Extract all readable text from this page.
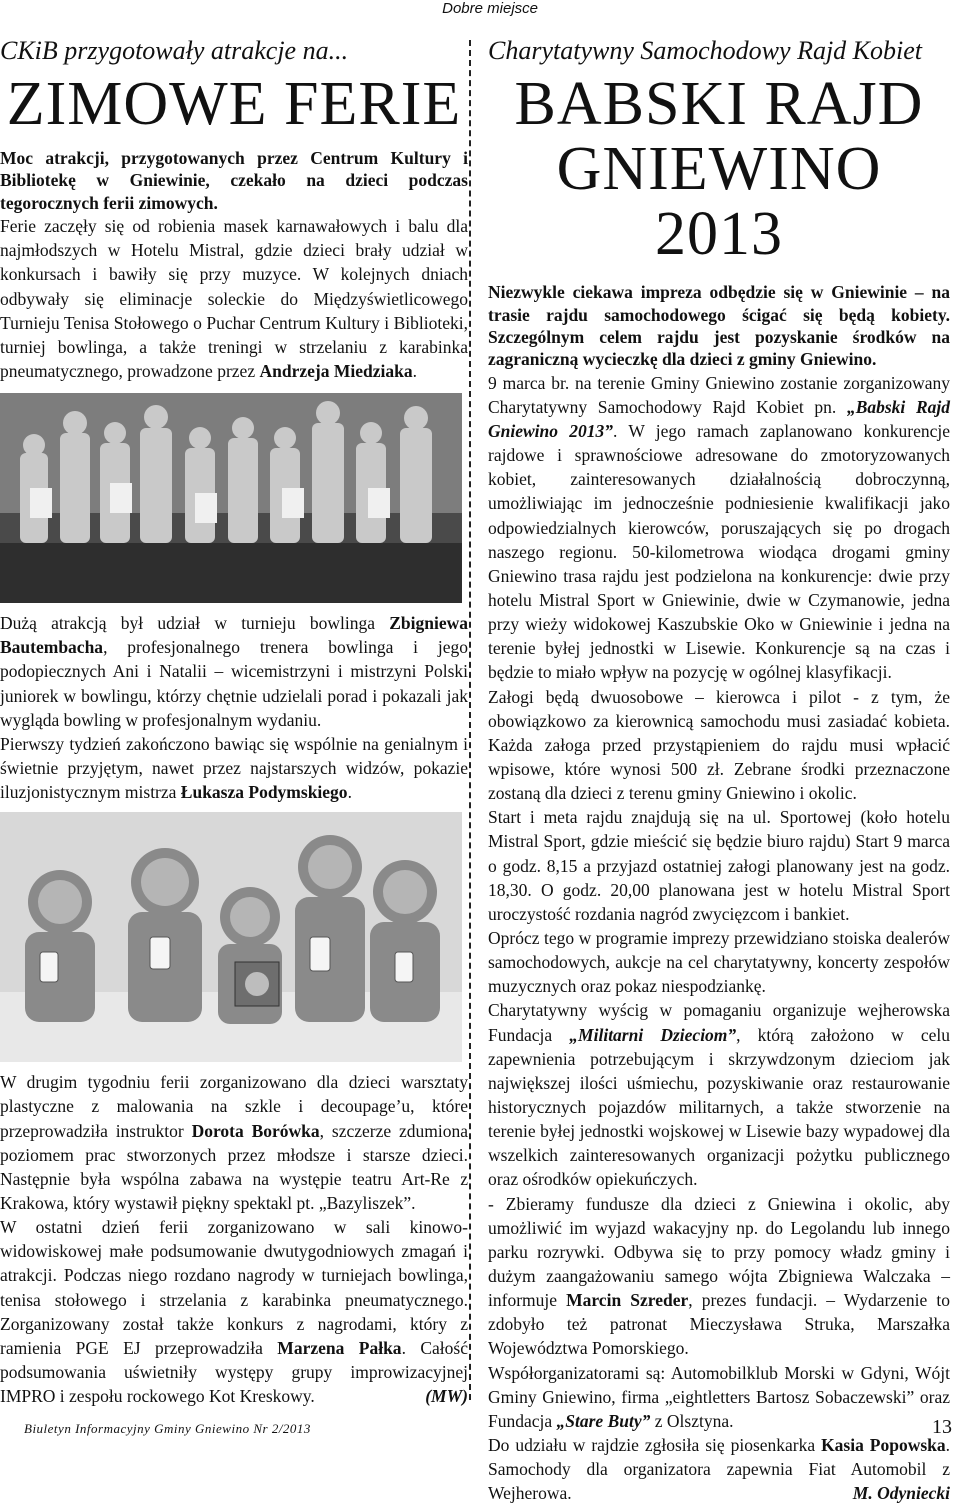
Dobre miejsce

CKiB przygotowały atrakcje na...

ZIMOWE FERIE

Moc atrakcji, przygotowanych przez Centrum Kultury i Bibliotekę w Gniewinie, czekało na dzieci podczas tegorocznych ferii zimowych.

Ferie zaczęły się od robienia masek karnawałowych i balu dla najmłodszych w Hotelu Mistral, gdzie dzieci brały udział w konkursach i bawiły się przy muzyce. W kolejnych dniach odbywały się eliminacje soleckie do Międzyświetlicowego Turnieju Tenisa Stołowego o Puchar Centrum Kultury i Biblioteki, turniej bowlinga, a także treningi w strzelaniu z karabinka pneumatycznego, prowadzone przez Andrzeja Miedziaka.

Dużą atrakcją był udział w turnieju bowlinga Zbigniewa Bautembacha, profesjonalnego trenera bowlinga i jego podopiecznych Ani i Natalii – wicemistrzyni i mistrzyni Polski juniorek w bowlingu, którzy chętnie udzielali porad i pokazali jak wygląda bowling w profesjonalnym wydaniu.

Pierwszy tydzień zakończono bawiąc się wspólnie na genialnym i świetnie przyjętym, nawet przez najstarszych widzów, pokazie iluzjonistycznym mistrza Łukasza Podymskiego.

W drugim tygodniu ferii zorganizowano dla dzieci warsztaty plastyczne z malowania na szkle i decoupage’u, które przeprowadziła instruktor Dorota Borówka, szczerze zdumiona poziomem prac stworzonych przez młodsze i starsze dzieci. Następnie była wspólna zabawa na występie teatru Art-Re z Krakowa, który wystawił piękny spektakl pt. „Bazyliszek”.

W ostatni dzień ferii zorganizowano w sali kinowo- widowiskowej małe podsumowanie dwutygodniowych zmagań i atrakcji. Podczas niego rozdano nagrody w turniejach bowlinga, tenisa stołowego i strzelania z karabinka pneumatycznego. Zorganizowany został także konkurs z nagrodami, który z ramienia PGE EJ przeprowadziła Marzena Pałka. Całość podsumowania uświetniły występy grupy improwizacyjnej IMPRO i zespołu rockowego Kot Kreskowy.	(MW)

Charytatywny Samochodowy Rajd Kobiet

BABSKI RAJD
GNIEWINO 2013

Niezwykle ciekawa impreza odbędzie się w Gniewinie – na trasie rajdu samochodowego ścigać się będą kobiety. Szczególnym celem rajdu jest pozyskanie środków na zagraniczną wycieczkę dla dzieci z gminy Gniewino.

9 marca br. na terenie Gminy Gniewino zostanie zorganizowany Charytatywny Samochodowy Rajd Kobiet pn. „Babski Rajd Gniewino 2013”. W jego ramach zaplanowano konkurencje rajdowe i sprawnościowe adresowane do zmotoryzowanych kobiet, zainteresowanych działalnością dobroczynną, umożliwiając im jednocześnie podniesienie kwalifikacji jako odpowiedzialnych kierowców, poruszających się po drogach naszego regionu. 50-kilometrowa wiodąca drogami gminy Gniewino trasa rajdu jest podzielona na konkurencje: dwie przy hotelu Mistral Sport w Gniewinie, dwie w Czymanowie, jedna przy wieży widokowej Kaszubskie Oko w Gniewinie i jedna na terenie byłej jednostki w Lisewie. Konkurencje są na czas i będzie to miało wpływ na pozycję w ogólnej klasyfikacji.

Załogi będą dwuosobowe – kierowca i pilot - z tym, że obowiązkowo za kierownicą samochodu musi zasiadać kobieta. Każda załoga przed przystąpieniem do rajdu musi wpłacić wpisowe, które wynosi 500 zł. Zebrane środki przeznaczone zostaną dla dzieci z terenu gminy Gniewino i okolic.

Start i meta rajdu znajdują się na ul. Sportowej (koło hotelu Mistral Sport, gdzie mieścić się będzie biuro rajdu) Start 9 marca o godz. 8,15 a przyjazd ostatniej załogi planowany jest na godz. 18,30. O godz. 20,00 planowana jest w hotelu Mistral Sport uroczystość rozdania nagród zwycięzcom i bankiet.

Oprócz tego w programie imprezy przewidziano stoiska dealerów samochodowych, aukcje na cel charytatywny, koncerty zespołów muzycznych oraz pokaz niespodziankę.

Charytatywny wyścig w pomaganiu organizuje wejherowska Fundacja „Militarni Dzieciom”, którą założono w celu zapewnienia potrzebującym i skrzywdzonym dzieciom jak największej ilości uśmiechu, pozyskiwanie oraz restaurowanie historycznych pojazdów militarnych, a także stworzenie na terenie byłej jednostki wojskowej w Lisewie bazy wypadowej dla wszelkich zainteresowanych organizacji pożytku publicznego oraz ośrodków opiekuńczych.

- Zbieramy fundusze dla dzieci z Gniewina i okolic, aby umożliwić im wyjazd wakacyjny np. do Legolandu lub innego parku rozrywki. Odbywa się to przy pomocy władz gminy i dużym zaangażowaniu samego wójta Zbigniewa Walczaka – informuje Marcin Szreder, prezes fundacji. – Wydarzenie to zdobyło też patronat Mieczysława Struka, Marszałka Województwa Pomorskiego.

Współorganizatorami są: Automobilklub Morski w Gdyni, Wójt Gminy Gniewino, firma „eightletters Bartosz Sobaczewski” oraz Fundacja „Stare Buty” z Olsztyna.

Do udziału w rajdzie zgłosiła się piosenkarka Kasia Popowska. Samochody dla organizatora zapewnia Fiat Automobil z Wejherowa.	M. Odyniecki

Biuletyn Informacyjny Gminy Gniewino Nr 2/2013	13
